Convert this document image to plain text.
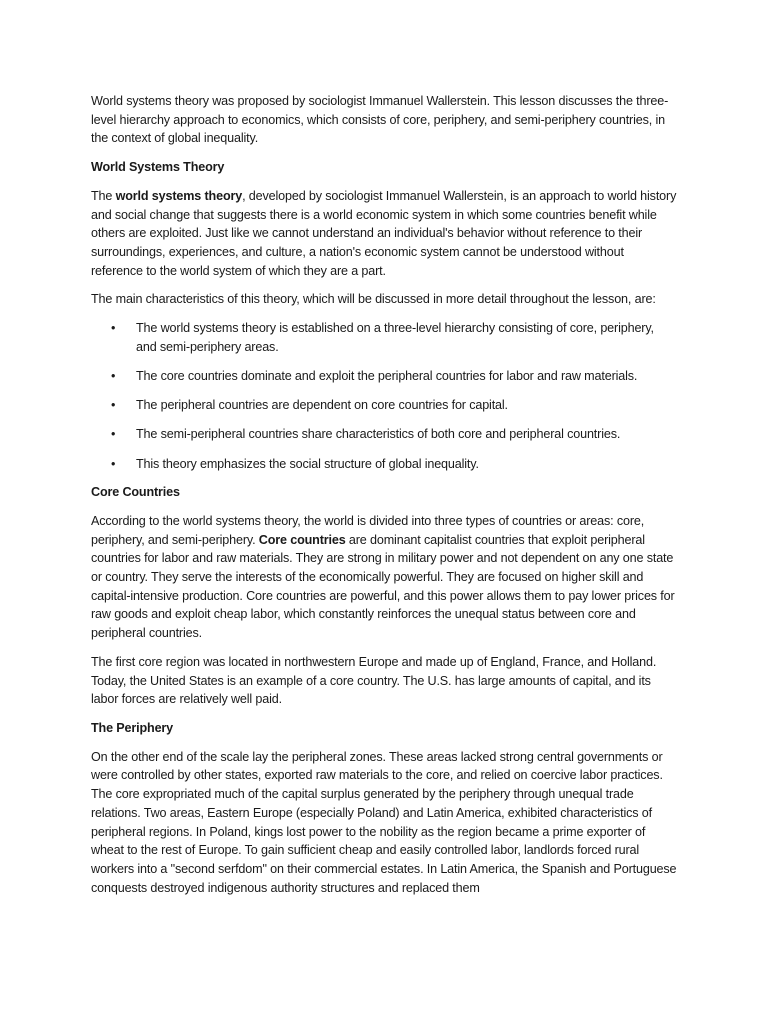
World systems theory was proposed by sociologist Immanuel Wallerstein. This lesson discusses the three-level hierarchy approach to economics, which consists of core, periphery, and semi-periphery countries, in the context of global inequality.

World Systems Theory

The world systems theory, developed by sociologist Immanuel Wallerstein, is an approach to world history and social change that suggests there is a world economic system in which some countries benefit while others are exploited. Just like we cannot understand an individual's behavior without reference to their surroundings, experiences, and culture, a nation's economic system cannot be understood without reference to the world system of which they are a part.

The main characteristics of this theory, which will be discussed in more detail throughout the lesson, are:

• The world systems theory is established on a three-level hierarchy consisting of core, periphery, and semi-periphery areas.
• The core countries dominate and exploit the peripheral countries for labor and raw materials.
• The peripheral countries are dependent on core countries for capital.
• The semi-peripheral countries share characteristics of both core and peripheral countries.
• This theory emphasizes the social structure of global inequality.
Core Countries

According to the world systems theory, the world is divided into three types of countries or areas: core, periphery, and semi-periphery. Core countries are dominant capitalist countries that exploit peripheral countries for labor and raw materials. They are strong in military power and not dependent on any one state or country. They serve the interests of the economically powerful. They are focused on higher skill and capital-intensive production. Core countries are powerful, and this power allows them to pay lower prices for raw goods and exploit cheap labor, which constantly reinforces the unequal status between core and peripheral countries.

The first core region was located in northwestern Europe and made up of England, France, and Holland. Today, the United States is an example of a core country. The U.S. has large amounts of capital, and its labor forces are relatively well paid.

The Periphery

On the other end of the scale lay the peripheral zones. These areas lacked strong central governments or were controlled by other states, exported raw materials to the core, and relied on coercive labor practices. The core expropriated much of the capital surplus generated by the periphery through unequal trade relations. Two areas, Eastern Europe (especially Poland) and Latin America, exhibited characteristics of peripheral regions. In Poland, kings lost power to the nobility as the region became a prime exporter of wheat to the rest of Europe. To gain sufficient cheap and easily controlled labor, landlords forced rural workers into a "second serfdom" on their commercial estates. In Latin America, the Spanish and Portuguese conquests destroyed indigenous authority structures and replaced them
